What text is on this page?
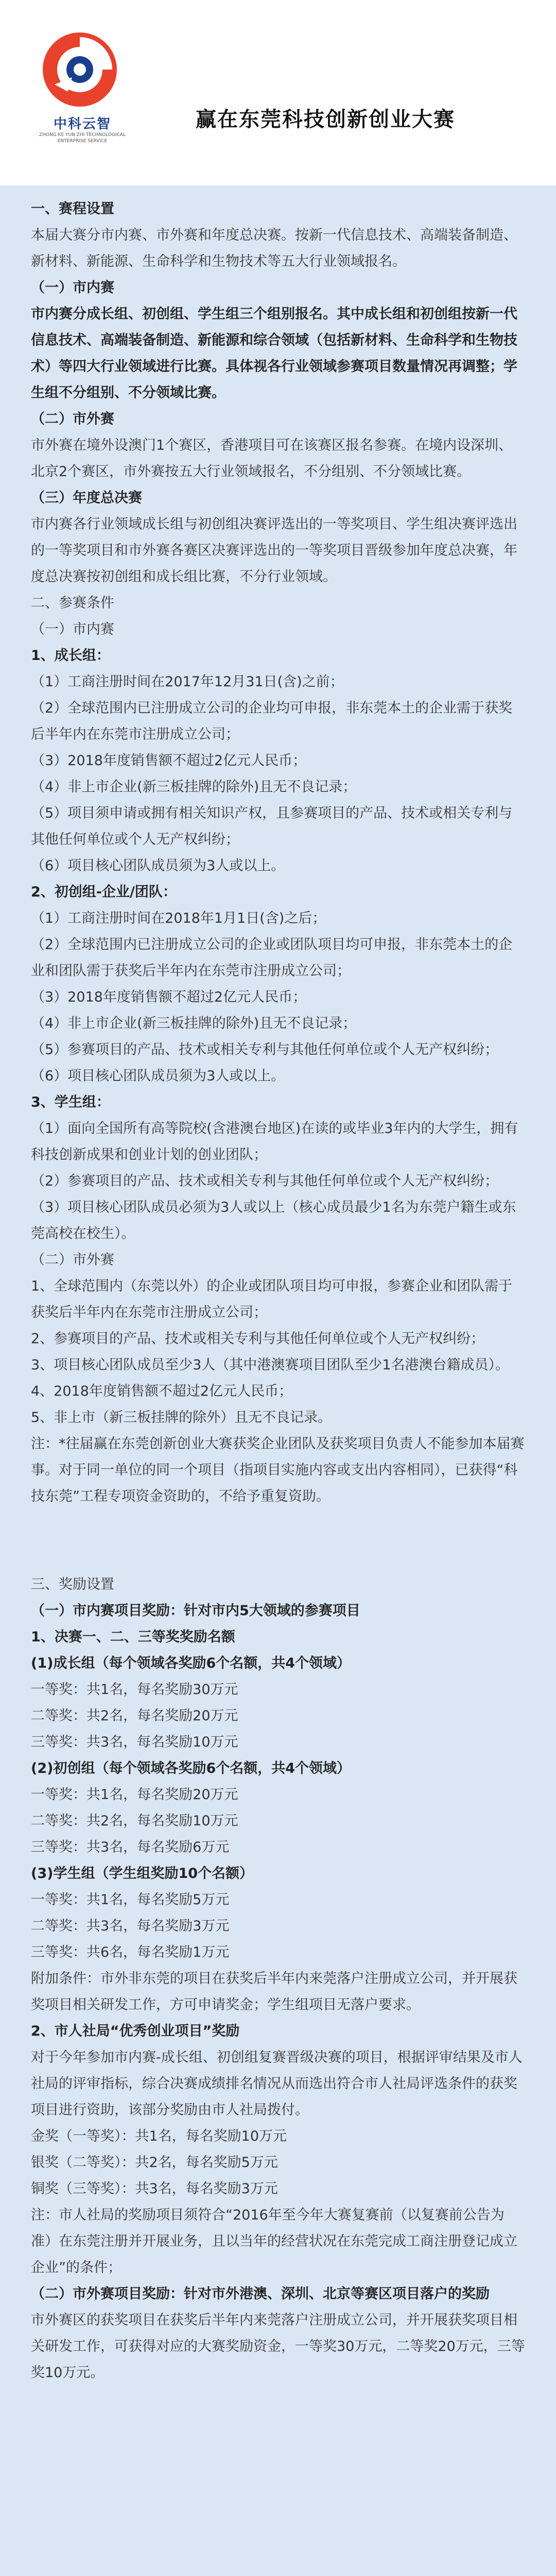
中科云智
ZHONG KE YUN ZHI TECHNOLOGICAL
ENTERPRISE SERVICE
赢在东莞科技创新创业大赛

一、赛程设置

本届大赛分市内赛、市外赛和年度总决赛。按新一代信息技术、高端装备制造、新材料、新能源、生命科学和生物技术等五大行业领域报名。

（一）市内赛

市内赛分成长组、初创组、学生组三个组别报名。其中成长组和初创组按新一代信息技术、高端装备制造、新能源和综合领域（包括新材料、生命科学和生物技术）等四大行业领域进行比赛。具体视各行业领域参赛项目数量情况再调整；学生组不分组别、不分领域比赛。

（二）市外赛

市外赛在境外设澳门1个赛区，香港项目可在该赛区报名参赛。在境内设深圳、北京2个赛区，市外赛按五大行业领域报名，不分组别、不分领域比赛。

（三）年度总决赛

市内赛各行业领域成长组与初创组决赛评选出的一等奖项目、学生组决赛评选出的一等奖项目和市外赛各赛区决赛评选出的一等奖项目晋级参加年度总决赛，年度总决赛按初创组和成长组比赛，不分行业领域。

二、参赛条件

（一）市内赛

1、成长组：

（1）工商注册时间在2017年12月31日(含)之前；

（2）全球范围内已注册成立公司的企业均可申报，非东莞本土的企业需于获奖后半年内在东莞市注册成立公司；

（3）2018年度销售额不超过2亿元人民币；

（4）非上市企业(新三板挂牌的除外)且无不良记录；

（5）项目须申请或拥有相关知识产权，且参赛项目的产品、技术或相关专利与其他任何单位或个人无产权纠纷；

（6）项目核心团队成员须为3人或以上。

2、初创组-企业/团队：

（1）工商注册时间在2018年1月1日(含)之后；

（2）全球范围内已注册成立公司的企业或团队项目均可申报，非东莞本土的企业和团队需于获奖后半年内在东莞市注册成立公司；

（3）2018年度销售额不超过2亿元人民币；

（4）非上市企业(新三板挂牌的除外)且无不良记录；

（5）参赛项目的产品、技术或相关专利与其他任何单位或个人无产权纠纷；

（6）项目核心团队成员须为3人或以上。

3、学生组：

（1）面向全国所有高等院校(含港澳台地区)在读的或毕业3年内的大学生，拥有科技创新成果和创业计划的创业团队；

（2）参赛项目的产品、技术或相关专利与其他任何单位或个人无产权纠纷；

（3）项目核心团队成员必须为3人或以上（核心成员最少1名为东莞户籍生或东莞高校在校生）。

（二）市外赛

1、全球范围内（东莞以外）的企业或团队项目均可申报，参赛企业和团队需于获奖后半年内在东莞市注册成立公司；

2、参赛项目的产品、技术或相关专利与其他任何单位或个人无产权纠纷；

3、项目核心团队成员至少3人（其中港澳赛项目团队至少1名港澳台籍成员）。

4、2018年度销售额不超过2亿元人民币；

5、非上市（新三板挂牌的除外）且无不良记录。

注：*往届赢在东莞创新创业大赛获奖企业团队及获奖项目负责人不能参加本届赛事。对于同一单位的同一个项目（指项目实施内容或支出内容相同），已获得“科技东莞”工程专项资金资助的，不给予重复资助。

三、奖励设置

（一）市内赛项目奖励：针对市内5大领域的参赛项目

1、决赛一、二、三等奖奖励名额

(1)成长组（每个领域各奖励6个名额，共4个领域）

一等奖：共1名，每名奖励30万元

二等奖：共2名，每名奖励20万元

三等奖：共3名，每名奖励10万元

(2)初创组（每个领域各奖励6个名额，共4个领域）

一等奖：共1名，每名奖励20万元

二等奖：共2名，每名奖励10万元

三等奖：共3名，每名奖励6万元

(3)学生组（学生组奖励10个名额）

一等奖：共1名，每名奖励5万元

二等奖：共3名，每名奖励3万元

三等奖：共6名，每名奖励1万元

附加条件：市外非东莞的项目在获奖后半年内来莞落户注册成立公司，并开展获奖项目相关研发工作，方可申请奖金；学生组项目无落户要求。

2、市人社局“优秀创业项目”奖励

对于今年参加市内赛-成长组、初创组复赛晋级决赛的项目，根据评审结果及市人社局的评审指标，综合决赛成绩排名情况从而选出符合市人社局评选条件的获奖项目进行资助，该部分奖励由市人社局拨付。

金奖（一等奖）：共1名，每名奖励10万元

银奖（二等奖）：共2名，每名奖励5万元

铜奖（三等奖）：共3名，每名奖励3万元

注：市人社局的奖励项目须符合“2016年至今年大赛复赛前（以复赛前公告为准）在东莞注册并开展业务，且以当年的经营状况在东莞完成工商注册登记成立企业”的条件；

（二）市外赛项目奖励：针对市外港澳、深圳、北京等赛区项目落户的奖励

市外赛区的获奖项目在获奖后半年内来莞落户注册成立公司，并开展获奖项目相关研发工作，可获得对应的大赛奖励资金，一等奖30万元，二等奖20万元，三等奖10万元。
